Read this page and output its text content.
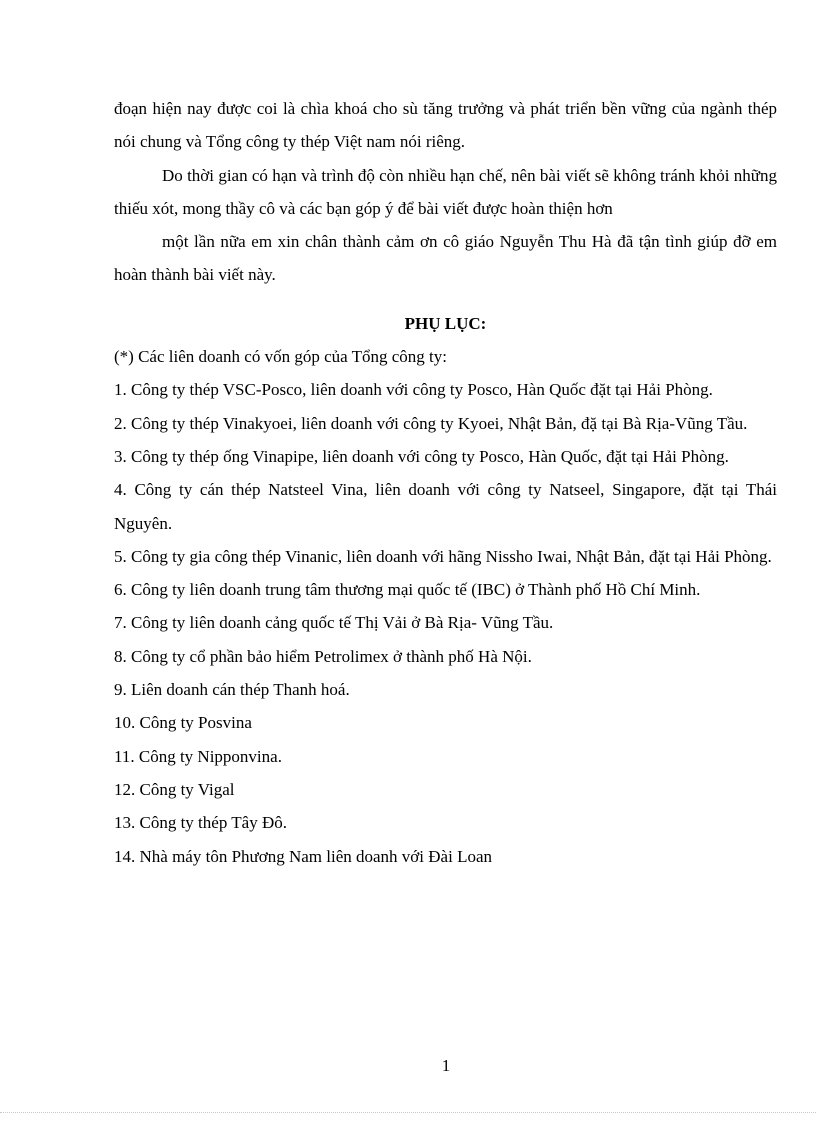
đoạn hiện nay được coi là chìa khoá cho sù tăng trưởng và phát triển bền vững của ngành thép nói chung và Tổng công ty thép Việt nam nói riêng.

Do thời gian có hạn và trình độ còn nhiều hạn chế, nên bài viết sẽ không tránh khỏi những thiếu xót, mong thầy cô và các bạn góp ý để bài viết được hoàn thiện hơn

một lần nữa em xin chân thành cảm ơn cô giáo Nguyễn Thu Hà đã tận tình giúp đỡ em hoàn thành bài viết này.

PHỤ LỤC:

(*) Các liên doanh có vốn góp của Tổng công ty:

1. Công ty thép VSC-Posco, liên doanh với công ty Posco, Hàn Quốc đặt tại Hải Phòng.

2. Công ty thép Vinakyoei, liên doanh với công ty Kyoei, Nhật Bản, đặ tại Bà Rịa-Vũng Tầu.

3. Công ty thép ống Vinapipe, liên doanh với công ty Posco, Hàn Quốc, đặt tại Hải Phòng.

4. Công ty cán thép Natsteel Vina, liên doanh với công ty Natseel, Singapore, đặt tại Thái Nguyên.

5. Công ty gia công thép Vinanic, liên doanh với hãng Nissho Iwai, Nhật Bản, đặt tại Hải Phòng.

6. Công ty liên doanh trung tâm thương mại quốc tế (IBC) ở Thành phố Hồ Chí Minh.

7. Công ty liên doanh cảng quốc tế Thị Vải ở Bà Rịa- Vũng Tầu.

8. Công ty cổ phần bảo hiểm Petrolimex ở thành phố Hà Nội.

9. Liên doanh cán thép Thanh hoá.

10. Công ty Posvina

11. Công ty Nipponvina.

12. Công ty Vigal

13. Công ty thép Tây Đô.

14. Nhà máy tôn Phương Nam liên doanh với Đài Loan

1
